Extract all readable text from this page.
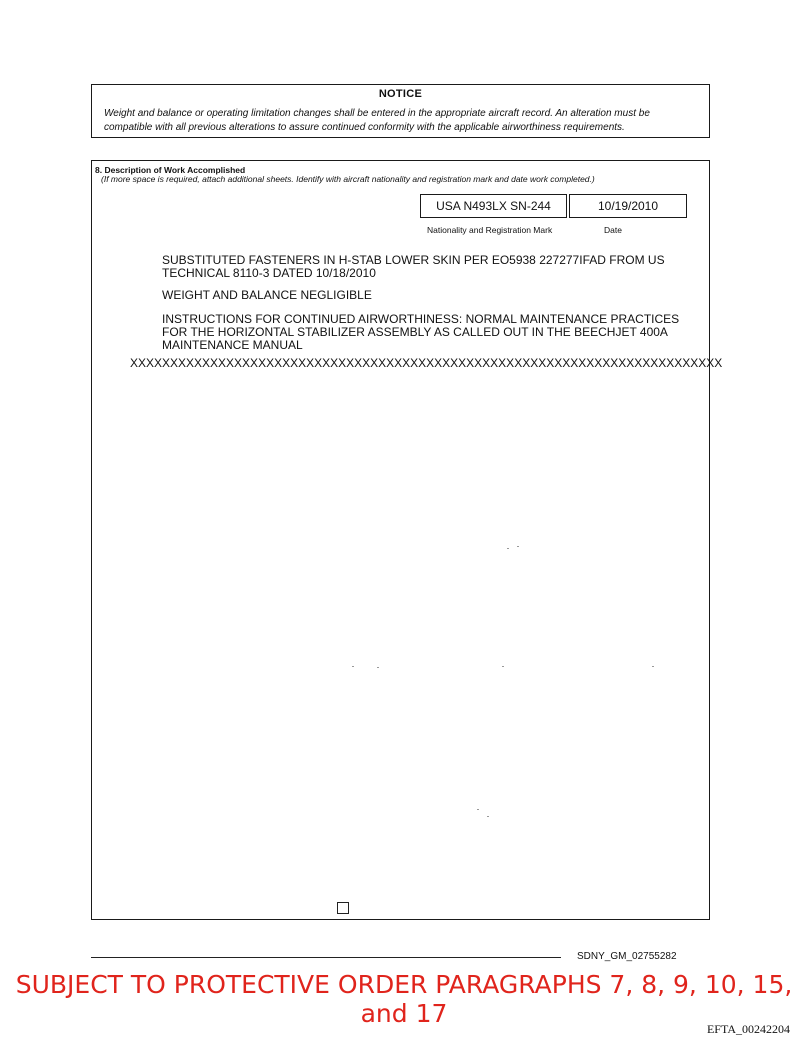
NOTICE
Weight and balance or operating limitation changes shall be entered in the appropriate aircraft record. An alteration must be compatible with all previous alterations to assure continued conformity with the applicable airworthiness requirements.
8. Description of Work Accomplished
(If more space is required, attach additional sheets. Identify with aircraft nationality and registration mark and date work completed.)
USA N493LX SN-244	10/19/2010
Nationality and Registration Mark	Date
SUBSTITUTED FASTENERS IN H-STAB LOWER SKIN PER EO5938 227277IFAD FROM US TECHNICAL 8110-3 DATED 10/18/2010
WEIGHT AND BALANCE NEGLIGIBLE
INSTRUCTIONS FOR CONTINUED AIRWORTHINESS: NORMAL MAINTENANCE PRACTICES FOR THE HORIZONTAL STABILIZER ASSEMBLY AS CALLED OUT IN THE BEECHJET 400A MAINTENANCE MANUAL
XXXXXXXXXXXXXXXXXXXXXXXXXXXXXXXXXXXXXXXXXXXXXXXXXXXXXXXXXXXXXXXXXXXXXXXXXX
SDNY_GM_02755282
SUBJECT TO PROTECTIVE ORDER PARAGRAPHS 7, 8, 9, 10, 15, and 17
EFTA_00242204
